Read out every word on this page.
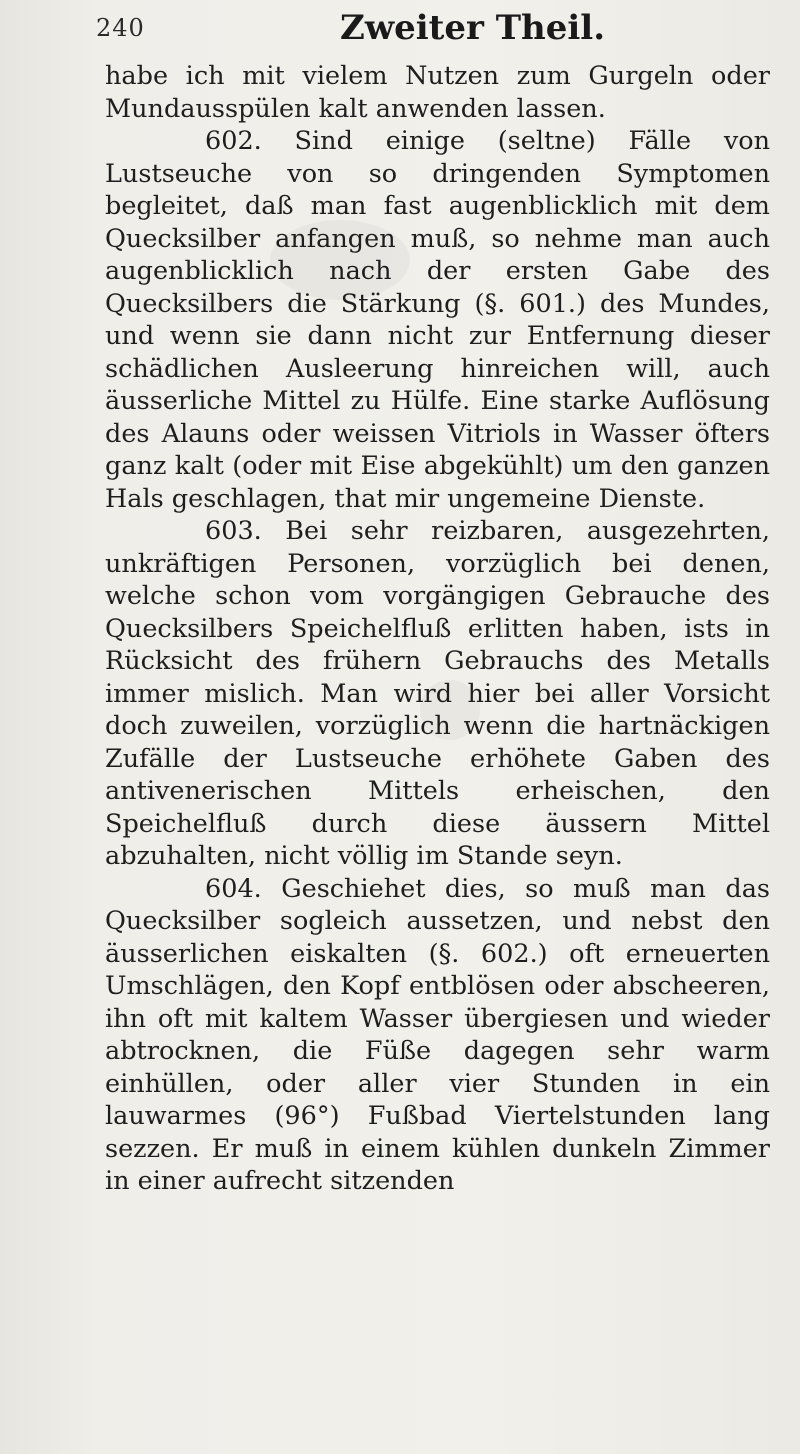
240	Zweiter Theil.

habe ich mit vielem Nutzen zum Gurgeln oder Mundausspülen kalt anwenden lassen.

602. Sind einige (seltne) Fälle von Lustseuche von so dringenden Symptomen begleitet, daß man fast augenblicklich mit dem Quecksilber anfangen muß, so nehme man auch augenblicklich nach der ersten Gabe des Quecksilbers die Stärkung (§. 601.) des Mundes, und wenn sie dann nicht zur Entfernung dieser schädlichen Ausleerung hinreichen will, auch äusserliche Mittel zu Hülfe. Eine starke Auflösung des Alauns oder weissen Vitriols in Wasser öfters ganz kalt (oder mit Eise abgekühlt) um den ganzen Hals geschlagen, that mir ungemeine Dienste.

603. Bei sehr reizbaren, ausgezehrten, unkräftigen Personen, vorzüglich bei denen, welche schon vom vorgängigen Gebrauche des Quecksilbers Speichelfluß erlitten haben, ists in Rücksicht des frühern Gebrauchs des Metalls immer mislich. Man wird hier bei aller Vorsicht doch zuweilen, vorzüglich wenn die hartnäckigen Zufälle der Lustseuche erhöhete Gaben des antivenerischen Mittels erheischen, den Speichelfluß durch diese äussern Mittel abzuhalten, nicht völlig im Stande seyn.

604. Geschiehet dies, so muß man das Quecksilber sogleich aussetzen, und nebst den äusserlichen eiskalten (§. 602.) oft erneuerten Umschlägen, den Kopf entblösen oder abscheeren, ihn oft mit kaltem Wasser übergiesen und wieder abtrocknen, die Füße dagegen sehr warm einhüllen, oder aller vier Stunden in ein lauwarmes (96°) Fußbad Viertelstunden lang sezzen. Er muß in einem kühlen dunkeln Zimmer in einer aufrecht sitzenden
